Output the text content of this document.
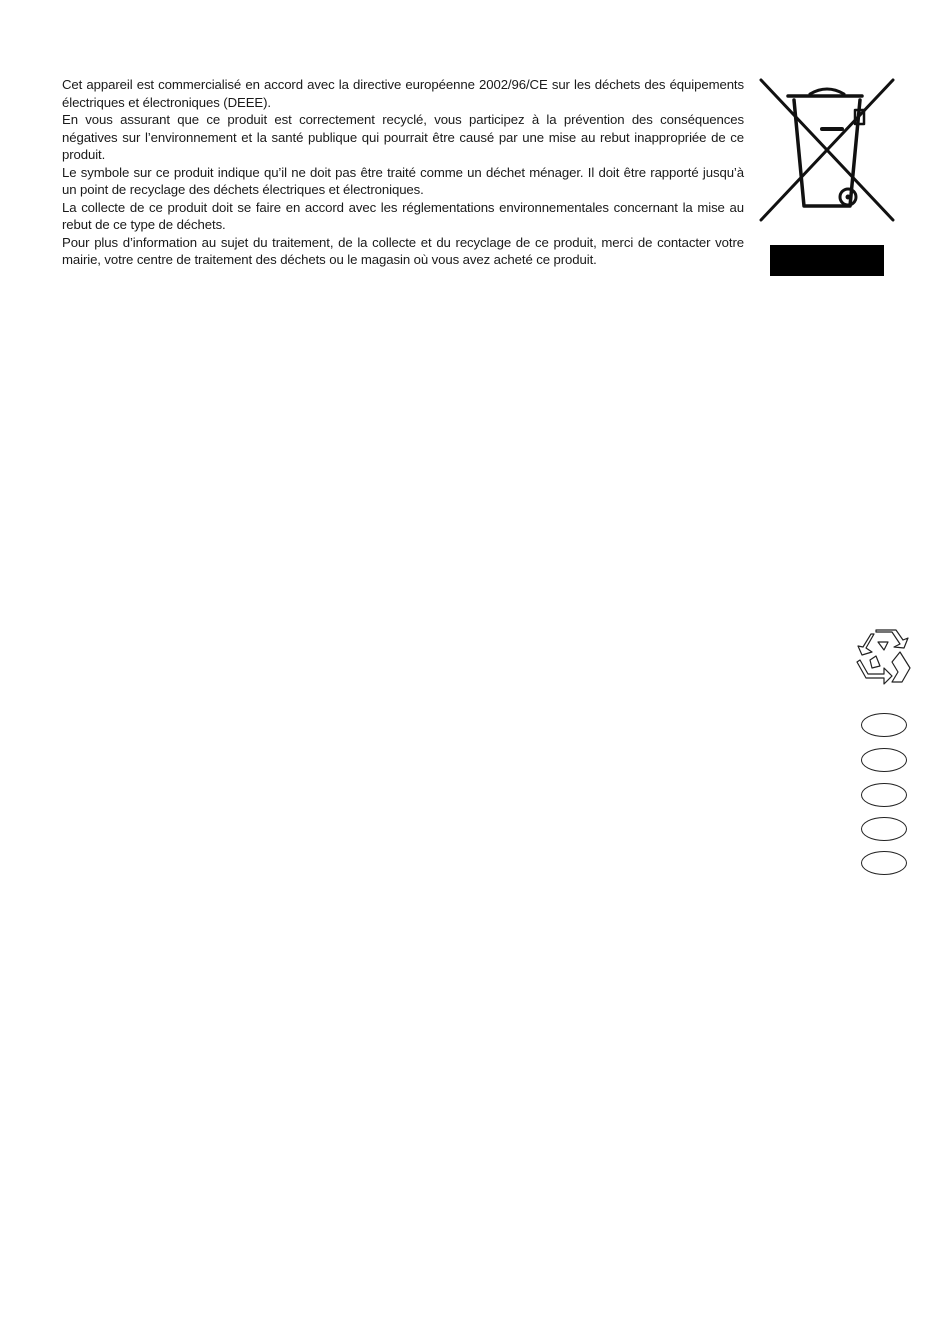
Cet appareil est commercialisé en accord avec la directive européenne 2002/96/CE sur les déchets des équipements électriques et électroniques (DEEE).

En vous assurant que ce produit est correctement recyclé, vous participez à la prévention des conséquences négatives sur l’environnement et la santé publique qui pourrait être causé par une mise au rebut inappropriée de ce produit.

Le symbole sur ce produit indique qu’il ne doit pas être traité comme un déchet ménager. Il doit être rapporté jusqu’à un point de recyclage des déchets électriques et électroniques.

La collecte de ce produit doit se faire en accord avec les réglementations environnementales concernant la mise au rebut de ce type de déchets.

Pour plus d’information au sujet du traitement, de la collecte et du recyclage de ce produit, merci de contacter votre mairie, votre centre de traitement des déchets ou le magasin où vous avez acheté ce produit.
